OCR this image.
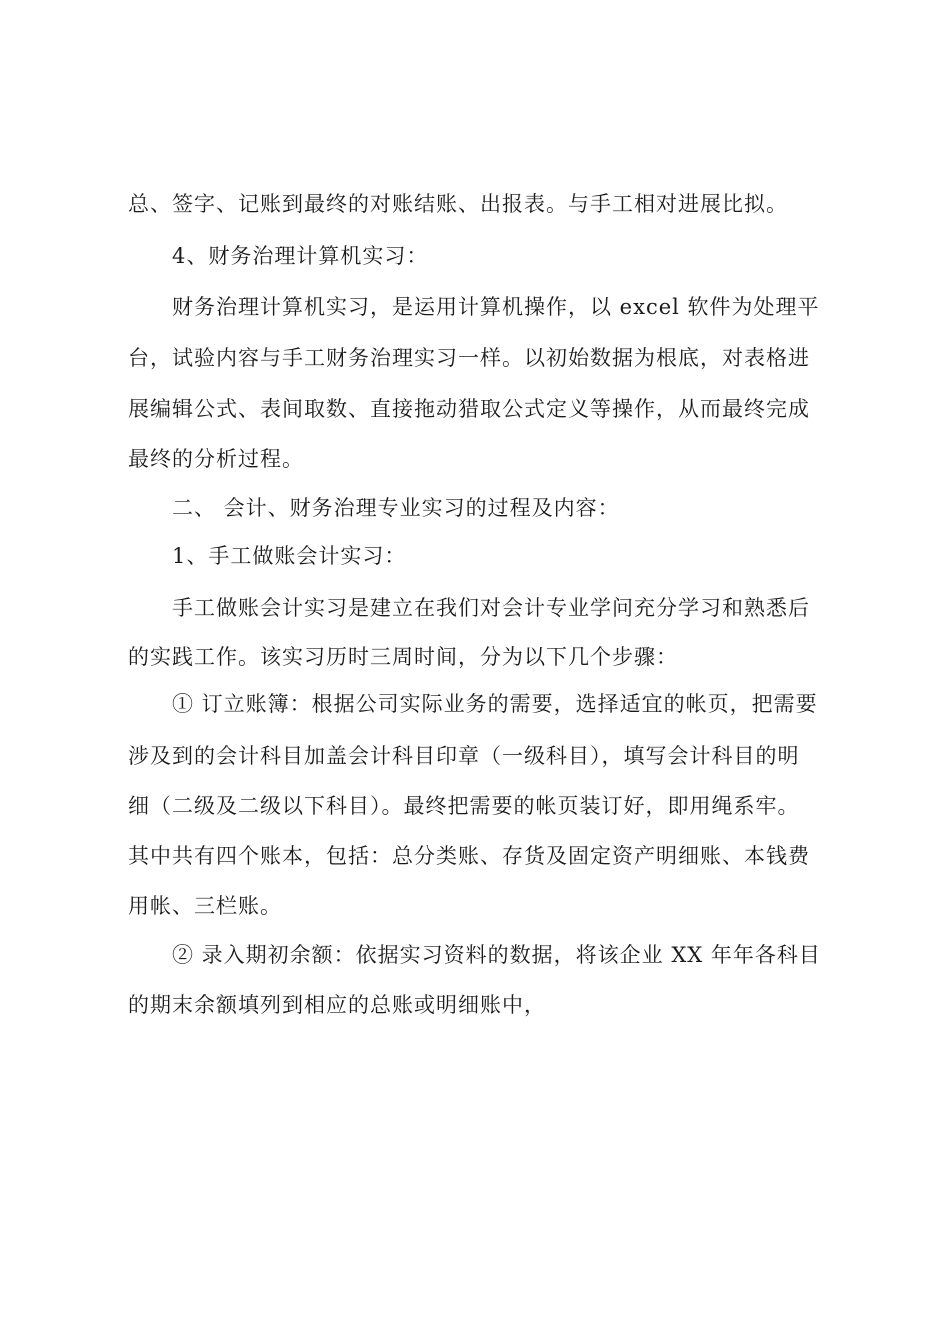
总、签字、记账到最终的对账结账、出报表。与手工相对进展比拟。
4、财务治理计算机实习：
财务治理计算机实习，是运用计算机操作，以 excel 软件为处理平
台，试验内容与手工财务治理实习一样。以初始数据为根底，对表格进
展编辑公式、表间取数、直接拖动猎取公式定义等操作，从而最终完成
最终的分析过程。
二、 会计、财务治理专业实习的过程及内容：
1、手工做账会计实习：
手工做账会计实习是建立在我们对会计专业学问充分学习和熟悉后
的实践工作。该实习历时三周时间，分为以下几个步骤：
① 订立账簿：根据公司实际业务的需要，选择适宜的帐页，把需要
涉及到的会计科目加盖会计科目印章（一级科目），填写会计科目的明
细（二级及二级以下科目）。最终把需要的帐页装订好，即用绳系牢。
其中共有四个账本，包括：总分类账、存货及固定资产明细账、本钱费
用帐、三栏账。
② 录入期初余额：依据实习资料的数据，将该企业 XX 年年各科目
的期末余额填列到相应的总账或明细账中，
